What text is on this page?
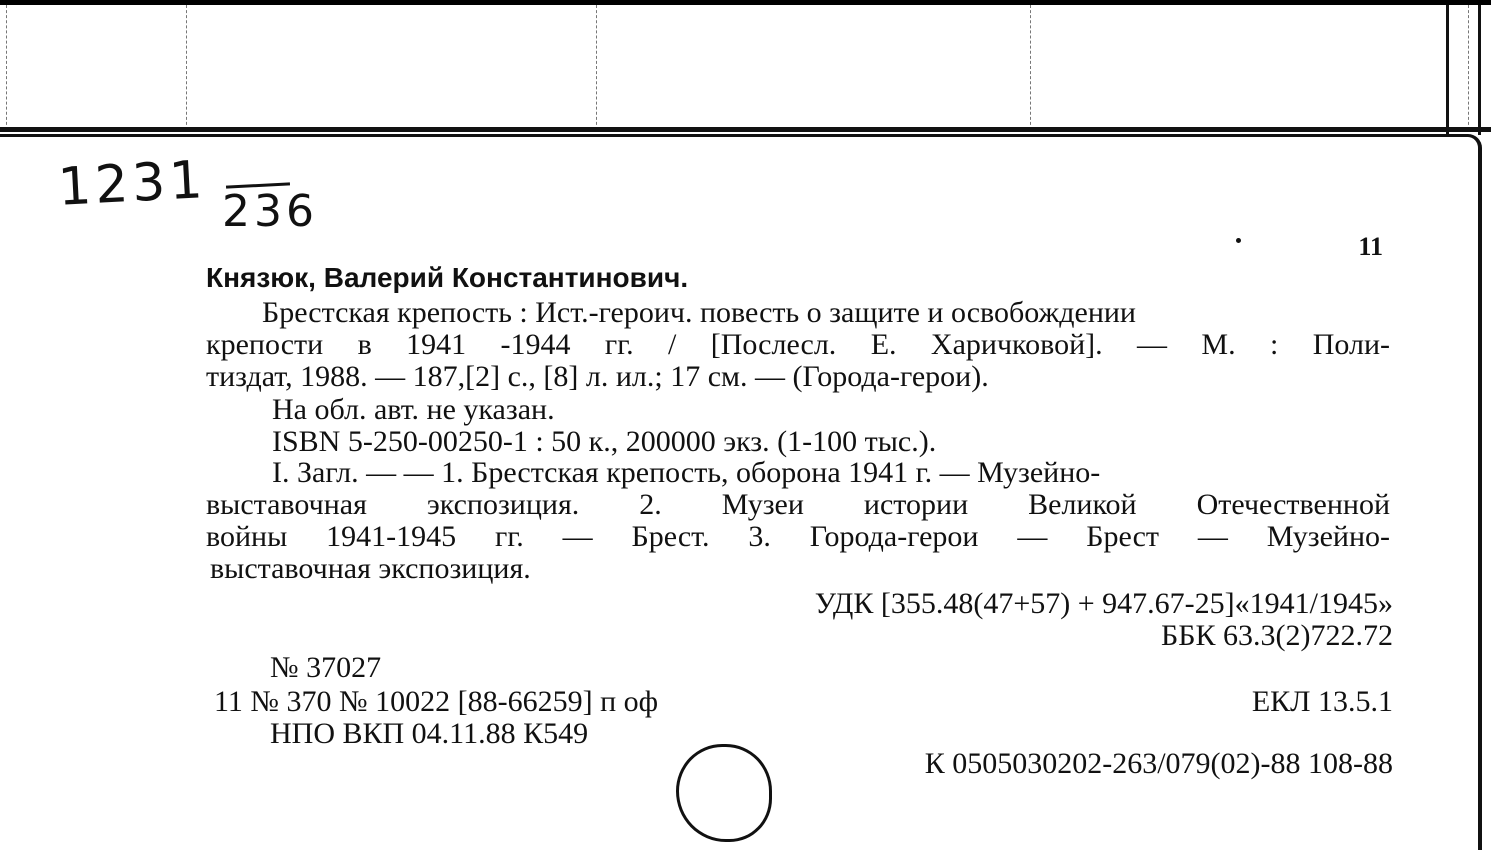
1231 236
11
Князюк, Валерий Константинович.
Брестская крепость : Ист.-героич. повесть о защите и освобождении
крепости в 1941 -1944 гг. / [Послесл. Е. Харичковой]. — М. : Поли-
тиздат, 1988. — 187,[2] с., [8] л. ил.; 17 см. — (Города-герои).
На обл. авт. не указан.
ISBN 5-250-00250-1 : 50 к., 200000 экз. (1-100 тыс.).
I. Загл. — — 1. Брестская крепость, оборона 1941 г. — Музейно-
выставочная экспозиция. 2. Музеи истории Великой Отечественной
войны 1941-1945 гг. — Брест. 3. Города-герои — Брест — Музейно-
выставочная экспозиция.
УДК [355.48(47+57) + 947.67-25]«1941/1945»
ББК 63.3(2)722.72
№ 37027
11 № 370 № 10022 [88-66259] п оф	ЕКЛ 13.5.1
НПО ВКП 04.11.88 К549
К 0505030202-263/079(02)-88 108-88
